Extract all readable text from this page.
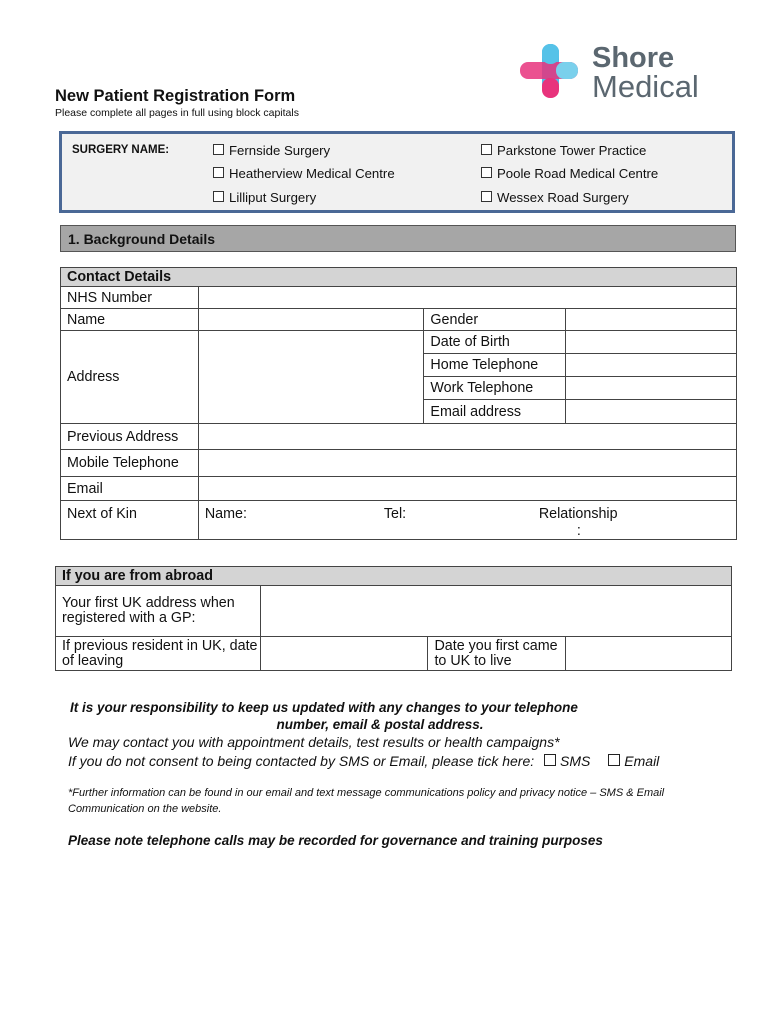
Shore
Medical
New Patient Registration Form
Please complete all pages in full using block capitals
SURGERY NAME:	Fernside Surgery
Heatherview Medical Centre
Lilliput Surgery
Parkstone Tower Practice
Poole Road Medical Centre
Wessex Road Surgery
1. Background Details
Contact Details			
NHS Number			
Name		Gender	
Address		Date of Birth	
		Home Telephone	
		Work Telephone	
		Email address	
Previous Address			
Mobile Telephone			
Email			
Next of Kin	Name: Tel: Relationship
:		
If you are from abroad			
Your first UK address when registered with a GP:			
If previous resident in UK, date of leaving		Date you first came to UK to live	
It is your responsibility to keep us updated with any changes to your telephone
number, email & postal address.
We may contact you with appointment details, test results or health campaigns*
If you do not consent to being contacted by SMS or Email, please tick here: SMS Email
*Further information can be found in our email and text message communications policy and privacy notice – SMS & Email Communication on the website.
Please note telephone calls may be recorded for governance and training purposes
